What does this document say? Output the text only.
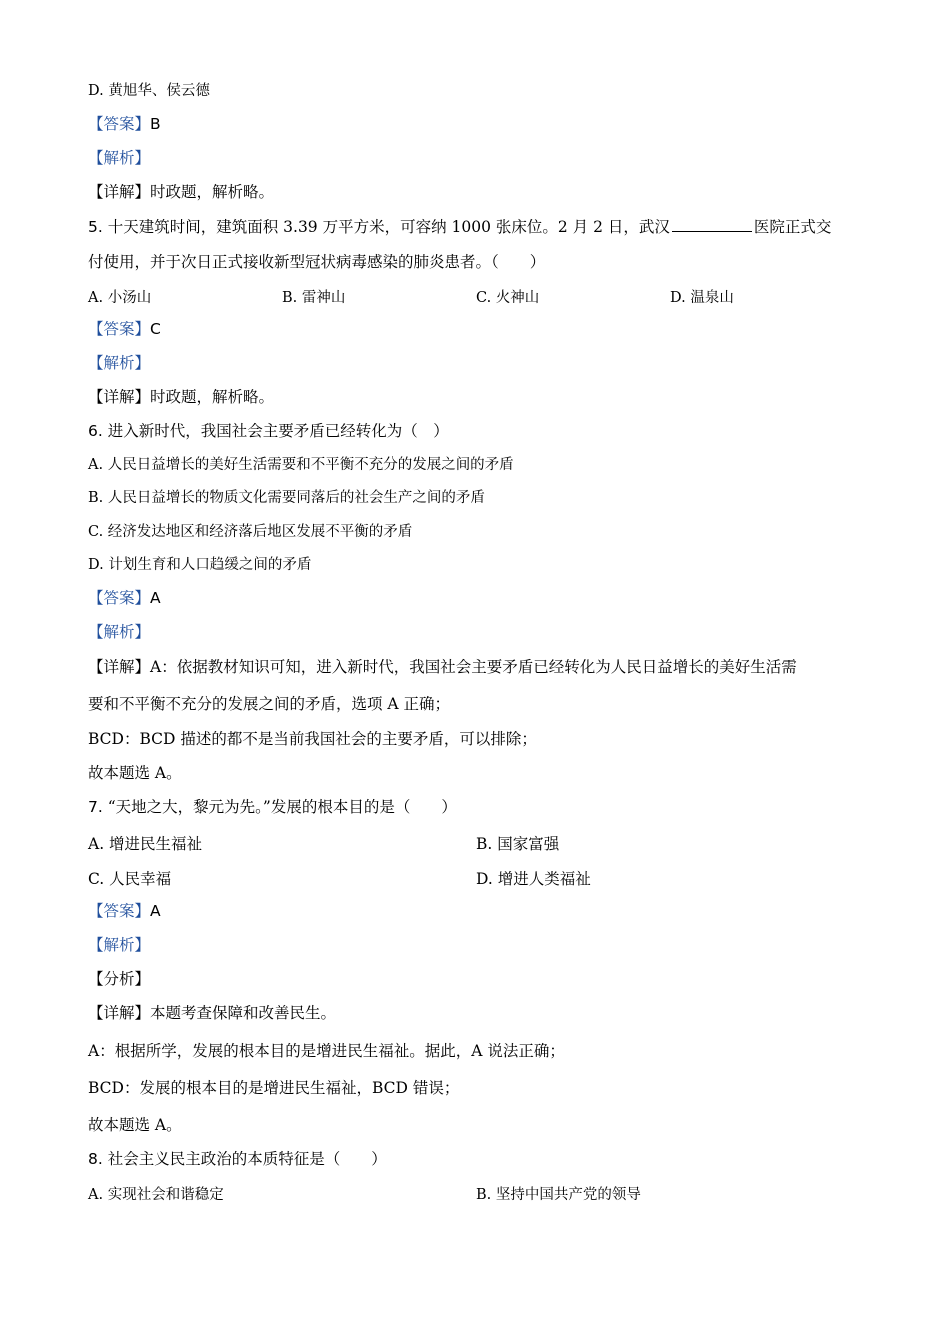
D. 黄旭华、侯云德
【答案】B
【解析】
【详解】时政题，解析略。
5. 十天建筑时间，建筑面积 3.39 万平方米，可容纳 1000 张床位。2 月 2 日，武汉	医院正式交
付使用，并于次日正式接收新型冠状病毒感染的肺炎患者。（　　）
A. 小汤山	B. 雷神山	C. 火神山	D. 温泉山
【答案】C
【解析】
【详解】时政题，解析略。
6. 进入新时代，我国社会主要矛盾已经转化为（　）
A. 人民日益增长的美好生活需要和不平衡不充分的发展之间的矛盾
B. 人民日益增长的物质文化需要同落后的社会生产之间的矛盾
C. 经济发达地区和经济落后地区发展不平衡的矛盾
D. 计划生育和人口趋缓之间的矛盾
【答案】A
【解析】
【详解】A：依据教材知识可知，进入新时代，我国社会主要矛盾已经转化为人民日益增长的美好生活需
要和不平衡不充分的发展之间的矛盾，选项 A 正确；
BCD：BCD 描述的都不是当前我国社会的主要矛盾，可以排除；
故本题选 A。
7. “天地之大，黎元为先。”发展的根本目的是（　　）
A. 增进民生福祉	B. 国家富强
C. 人民幸福	D. 增进人类福祉
【答案】A
【解析】
【分析】
【详解】本题考查保障和改善民生。
A：根据所学，发展的根本目的是增进民生福祉。据此，A 说法正确；
BCD：发展的根本目的是增进民生福祉，BCD 错误；
故本题选 A。
8. 社会主义民主政治的本质特征是（　　）
A. 实现社会和谐稳定	B. 坚持中国共产党的领导
